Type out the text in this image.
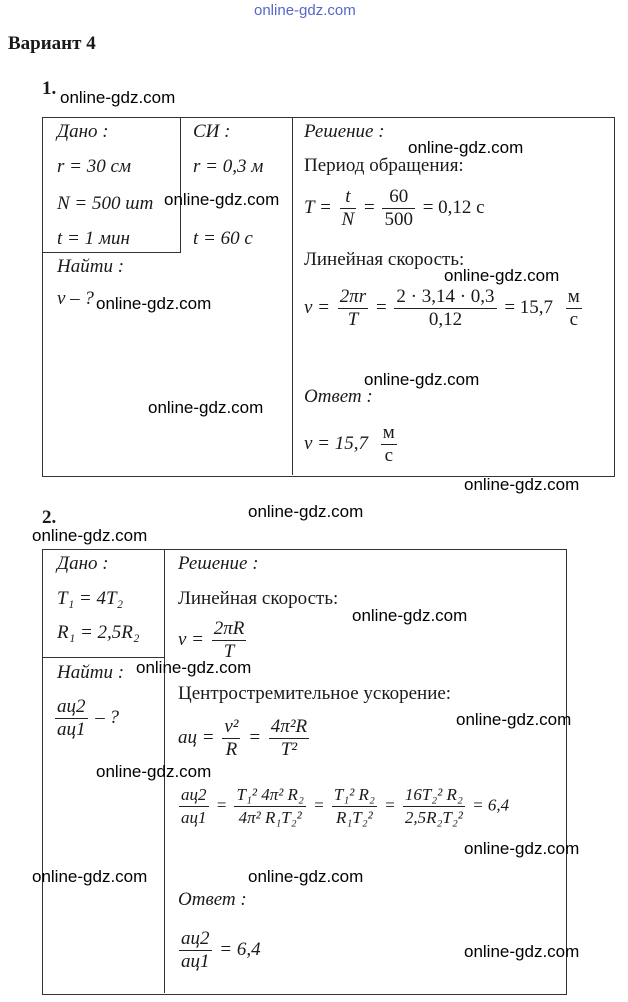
online-gdz.com
Вариант 4
1. online-gdz.com
Дано :
r = 30 см
N = 500 шт
t = 1 мин
СИ :
r = 0,3 м
t = 60 с
online-gdz.com
Найти :
v – ? online-gdz.com
Решение :
online-gdz.com
Период обращения:
$T = \frac{t}{N} = \frac{60}{500} = 0,12$ с
Линейная скорость:
online-gdz.com
$v = \frac{2\pi r}{T} = \frac{2 \cdot 3,14 \cdot 0,3}{0,12} = 15,7 \frac{м}{с}$
online-gdz.com
online-gdz.com
Ответ :
$v = 15,7 \frac{м}{с}$
online-gdz.com
2.	online-gdz.com
online-gdz.com
Дано :
T₁ = 4T₂
R₁ = 2,5R₂
Найти :
$\frac{aц2}{aц1}$ – ?
Решение :
Линейная скорость:
online-gdz.com
$v = \frac{2\pi R}{T}$
online-gdz.com
Центростремительное ускорение:
online-gdz.com
aц = $\frac{\text{v²}}{R} = \frac{\text{4π²R}}{\text{T²}}$
online-gdz.com
$\frac{aц2}{aц1} = \frac{\text{T₁² 4π² R₂}}{\text{4π² R₁T₂²}} = \frac{\text{T₁² R₂}}{\text{R₁T₂²}} = \frac{\text{16T₂² R₂}}{\text{2,5R₂T₂²}} = 6,4$
online-gdz.com
online-gdz.com	online-gdz.com
Ответ :
$\frac{aц2}{aц1} = 6,4$	online-gdz.com
